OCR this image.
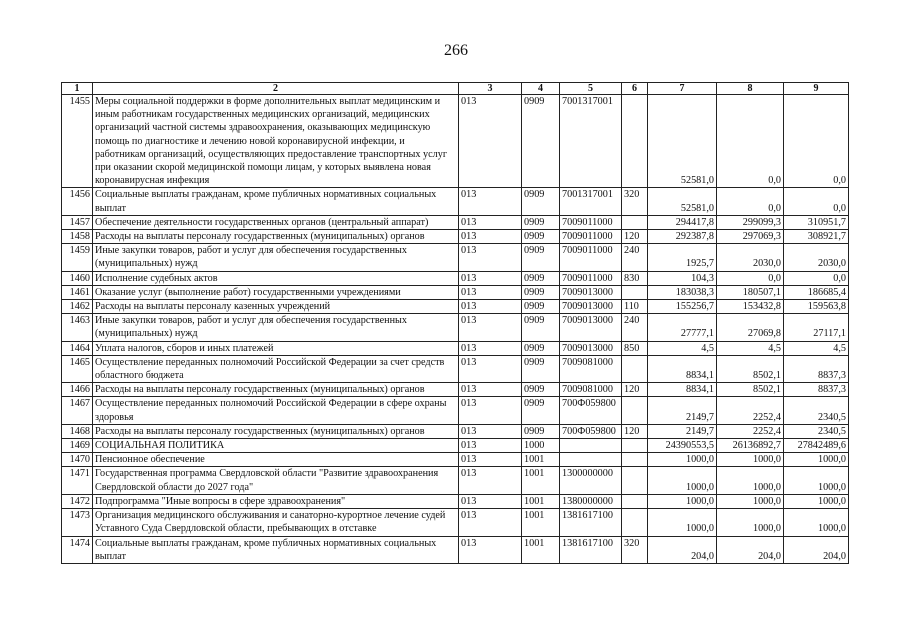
266
1	2	3	4	5	6	7	8	9
1455	Меры социальной поддержки в форме дополнительных выплат медицинским и иным работникам государственных медицинских организаций, медицинских организаций частной системы здравоохранения, оказывающих медицинскую помощь по диагностике и лечению новой коронавирусной инфекции, и работникам организаций, осуществляющих предоставление транспортных услуг при оказании скорой медицинской помощи лицам, у которых выявлена новая коронавирусная инфекция	013	0909	7001317001		52581,0	0,0	0,0
1456	Социальные выплаты гражданам, кроме публичных нормативных социальных выплат	013	0909	7001317001	320	52581,0	0,0	0,0
1457	Обеспечение деятельности государственных органов (центральный аппарат)	013	0909	7009011000		294417,8	299099,3	310951,7
1458	Расходы на выплаты персоналу государственных (муниципальных) органов	013	0909	7009011000	120	292387,8	297069,3	308921,7
1459	Иные закупки товаров, работ и услуг для обеспечения государственных (муниципальных) нужд	013	0909	7009011000	240	1925,7	2030,0	2030,0
1460	Исполнение судебных актов	013	0909	7009011000	830	104,3	0,0	0,0
1461	Оказание услуг (выполнение работ) государственными учреждениями	013	0909	7009013000		183038,3	180507,1	186685,4
1462	Расходы на выплаты персоналу казенных учреждений	013	0909	7009013000	110	155256,7	153432,8	159563,8
1463	Иные закупки товаров, работ и услуг для обеспечения государственных (муниципальных) нужд	013	0909	7009013000	240	27777,1	27069,8	27117,1
1464	Уплата налогов, сборов и иных платежей	013	0909	7009013000	850	4,5	4,5	4,5
1465	Осуществление переданных полномочий Российской Федерации за счет средств областного бюджета	013	0909	7009081000		8834,1	8502,1	8837,3
1466	Расходы на выплаты персоналу государственных (муниципальных) органов	013	0909	7009081000	120	8834,1	8502,1	8837,3
1467	Осуществление переданных полномочий Российской Федерации в сфере охраны здоровья	013	0909	700Ф059800		2149,7	2252,4	2340,5
1468	Расходы на выплаты персоналу государственных (муниципальных) органов	013	0909	700Ф059800	120	2149,7	2252,4	2340,5
1469	СОЦИАЛЬНАЯ ПОЛИТИКА	013	1000			24390553,5	26136892,7	27842489,6
1470	Пенсионное обеспечение	013	1001			1000,0	1000,0	1000,0
1471	Государственная программа Свердловской области "Развитие здравоохранения Свердловской области до 2027 года"	013	1001	1300000000		1000,0	1000,0	1000,0
1472	Подпрограмма "Иные вопросы в сфере здравоохранения"	013	1001	1380000000		1000,0	1000,0	1000,0
1473	Организация медицинского обслуживания и санаторно-курортное лечение судей Уставного Суда Свердловской области, пребывающих в отставке	013	1001	1381617100		1000,0	1000,0	1000,0
1474	Социальные выплаты гражданам, кроме публичных нормативных социальных выплат	013	1001	1381617100	320	204,0	204,0	204,0
